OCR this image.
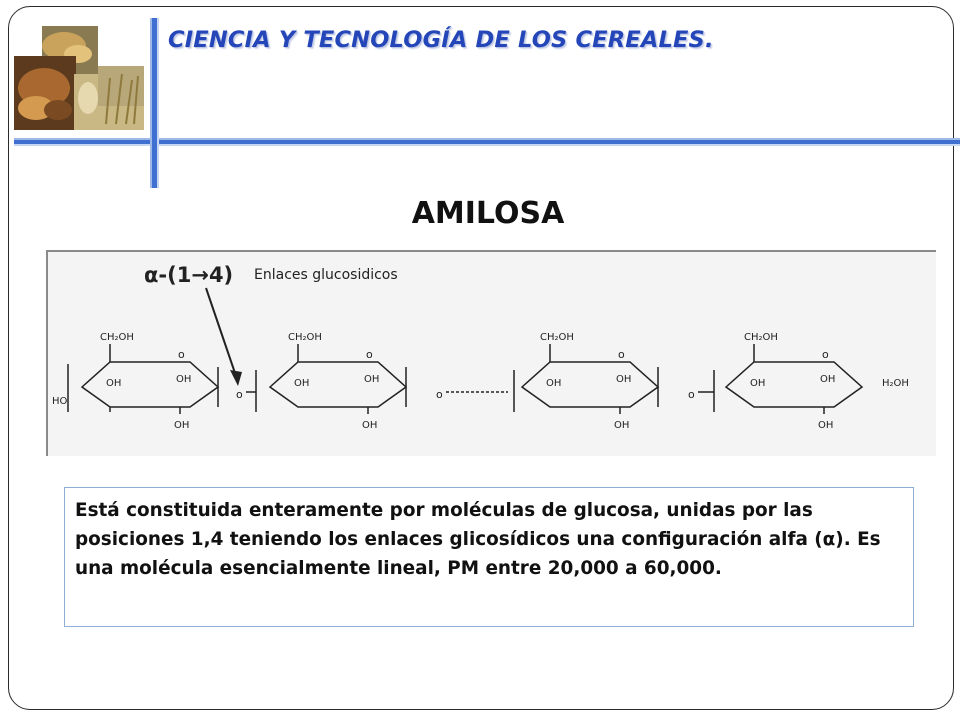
CIENCIA Y TECNOLOGÍA DE LOS CEREALES.
AMILOSA
α-(1→4) Enlaces glucosidicos
HO
CH₂OH
o
OH	OH
OH
o
CH₂OH
o
OH	OH
OH
o
CH₂OH
o
OH	OH
OH
o
CH₂OH
o
OH	OH
OH
H₂OH
Está constituida enteramente por moléculas de glucosa, unidas por las posiciones 1,4 teniendo los enlaces glicosídicos una configuración alfa (α). Es una molécula esencialmente lineal, PM entre 20,000 a 60,000.
